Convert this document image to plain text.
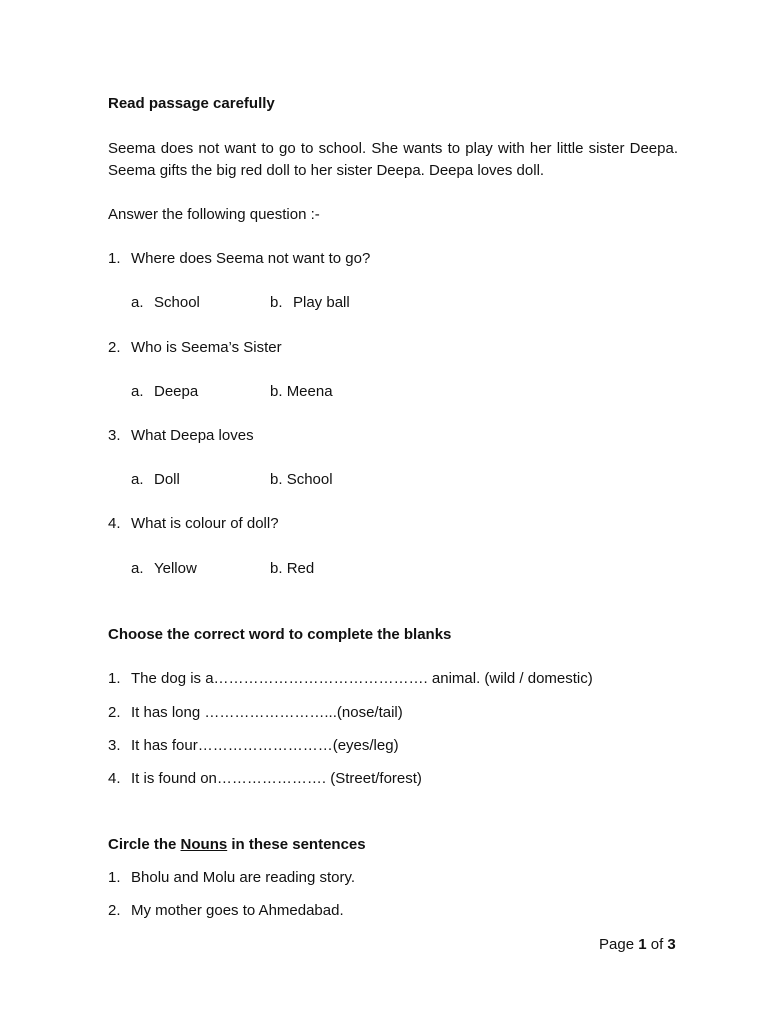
Read passage carefully
Seema does not want to go to school. She wants to play with her little sister Deepa. Seema gifts the big red doll to her sister Deepa. Deepa loves doll.
Answer the following question :-
1. Where does Seema not want to go?
a. School	b. Play ball
2. Who is Seema’s Sister
a. Deepa	b. Meena
3. What Deepa loves
a. Doll	b. School
4. What is colour of doll?
a. Yellow	b. Red
Choose the correct word to complete the blanks
1. The dog is a……………………………………. animal. (wild / domestic)
2. It has long ……………………...(nose/tail)
3. It has four………………………(eyes/leg)
4. It is found on…………………. (Street/forest)
Circle the Nouns in these sentences
1. Bholu and Molu are reading story.
2. My mother goes to Ahmedabad.
Page 1 of 3
